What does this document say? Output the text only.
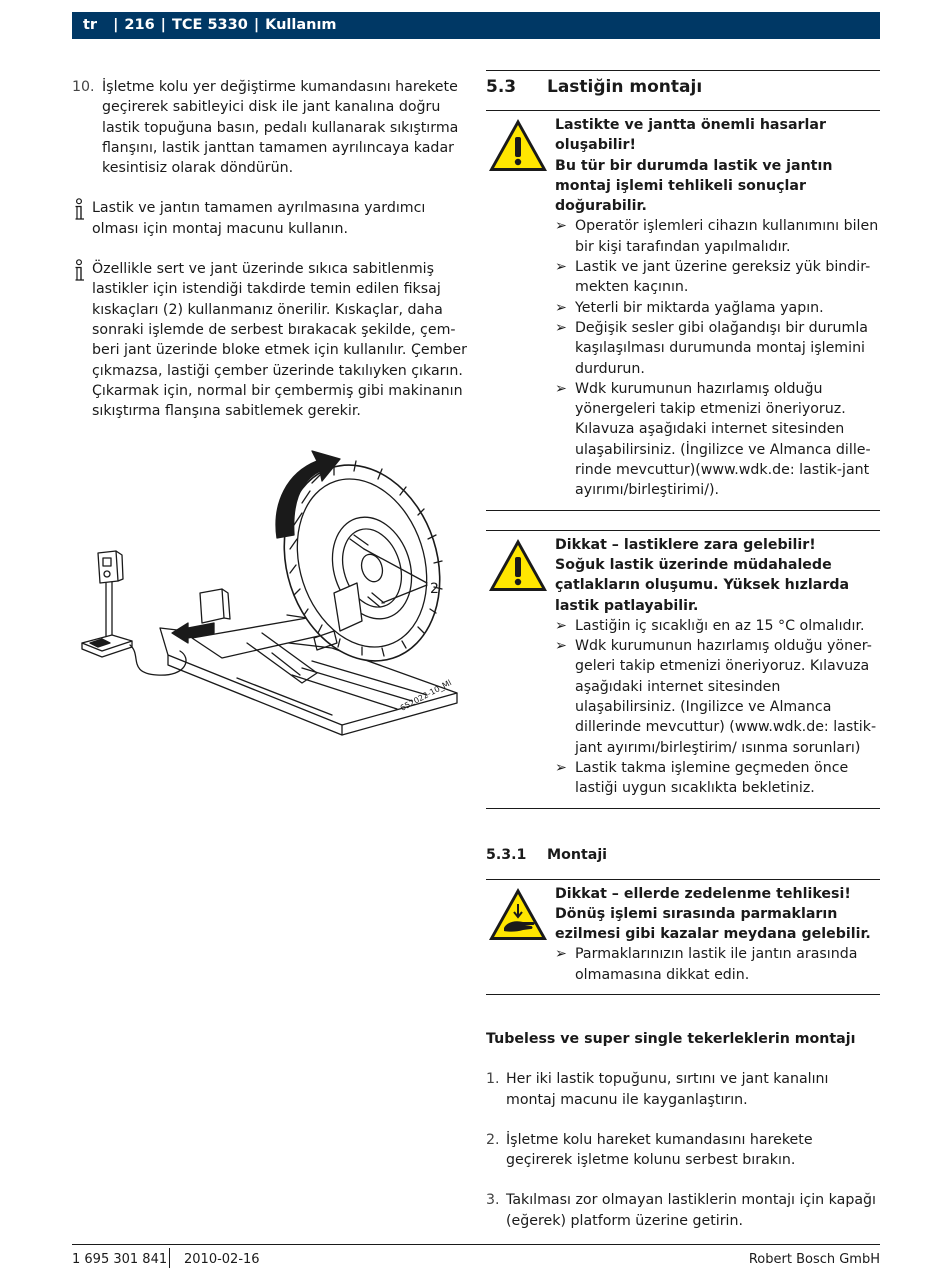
tr | 216 | TCE 5330 | Kullanım
10. İşletme kolu yer değiştirme kumandasını harekete geçirerek sabitleyici disk ile jant kanalına doğru lastik topuğuna basın, pedalı kullanarak sıkıştırma flanşını, lastik janttan tamamen ayrılıncaya kadar kesintisiz olarak döndürün.
Lastik ve jantın tamamen ayrılmasına yardımcı olması için montaj macunu kullanın.
Özellikle sert ve jant üzerinde sıkıca sabitlenmiş lastikler için istendiği takdirde temin edilen fiksaj kıskaçları (2) kullanmanız önerilir. Kıskaçlar, daha sonraki işlemde de serbest bırakacak şekilde, çem-beri jant üzerinde bloke etmek için kullanılır. Çember çıkmazsa, lastiği çember üzerinde takılıyken çıkarın. Çıkarmak için, normal bir çembermiş gibi makinanın sıkıştırma flanşına sabitlemek gerekir.
2
652022-10_Ml
5.3 Lastiğin montajı
Lastikte ve jantta önemli hasarlar oluşabilir!
Bu tür bir durumda lastik ve jantın montaj işlemi tehlikeli sonuçlar doğurabilir.
➢ Operatör işlemleri cihazın kullanımını bilen bir kişi tarafından yapılmalıdır.
➢ Lastik ve jant üzerine gereksiz yük bindir-mekten kaçının.
➢ Yeterli bir miktarda yağlama yapın.
➢ Değişik sesler gibi olağandışı bir durumla kaşılaşılması durumunda montaj işlemini durdurun.
➢ Wdk kurumunun hazırlamış olduğu yönergeleri takip etmenizi öneriyoruz. Kılavuza aşağıdaki internet sitesinden ulaşabilirsiniz. (İngilizce ve Almanca dille-rinde mevcuttur)(www.wdk.de: lastik-jant ayırımı/birleştirimi/).
Dikkat – lastiklere zara gelebilir!
Soğuk lastik üzerinde müdahalede çatlakların oluşumu. Yüksek hızlarda lastik patlayabilir.
➢ Lastiğin iç sıcaklığı en az 15 °C olmalıdır.
➢ Wdk kurumunun hazırlamış olduğu yöner-geleri takip etmenizi öneriyoruz. Kılavuza aşağıdaki internet sitesinden ulaşabilirsiniz. (Ingilizce ve Almanca dillerinde mevcuttur) (www.wdk.de: lastik-jant ayırımı/birleştirim/ ısınma sorunları)
➢ Lastik takma işlemine geçmeden önce lastiği uygun sıcaklıkta bekletiniz.
5.3.1 Montaji
Dikkat – ellerde zedelenme tehlikesi!
Dönüş işlemi sırasında parmakların ezilmesi gibi kazalar meydana gelebilir.
➢ Parmaklarınızın lastik ile jantın arasında olmamasına dikkat edin.
Tubeless ve super single tekerleklerin montajı
1. Her iki lastik topuğunu, sırtını ve jant kanalını montaj macunu ile kayganlaştırın.
2. İşletme kolu hareket kumandasını harekete geçirerek işletme kolunu serbest bırakın.
3. Takılması zor olmayan lastiklerin montajı için kapağı (eğerek) platform üzerine getirin.
1 695 301 841 2010-02-16	Robert Bosch GmbH
